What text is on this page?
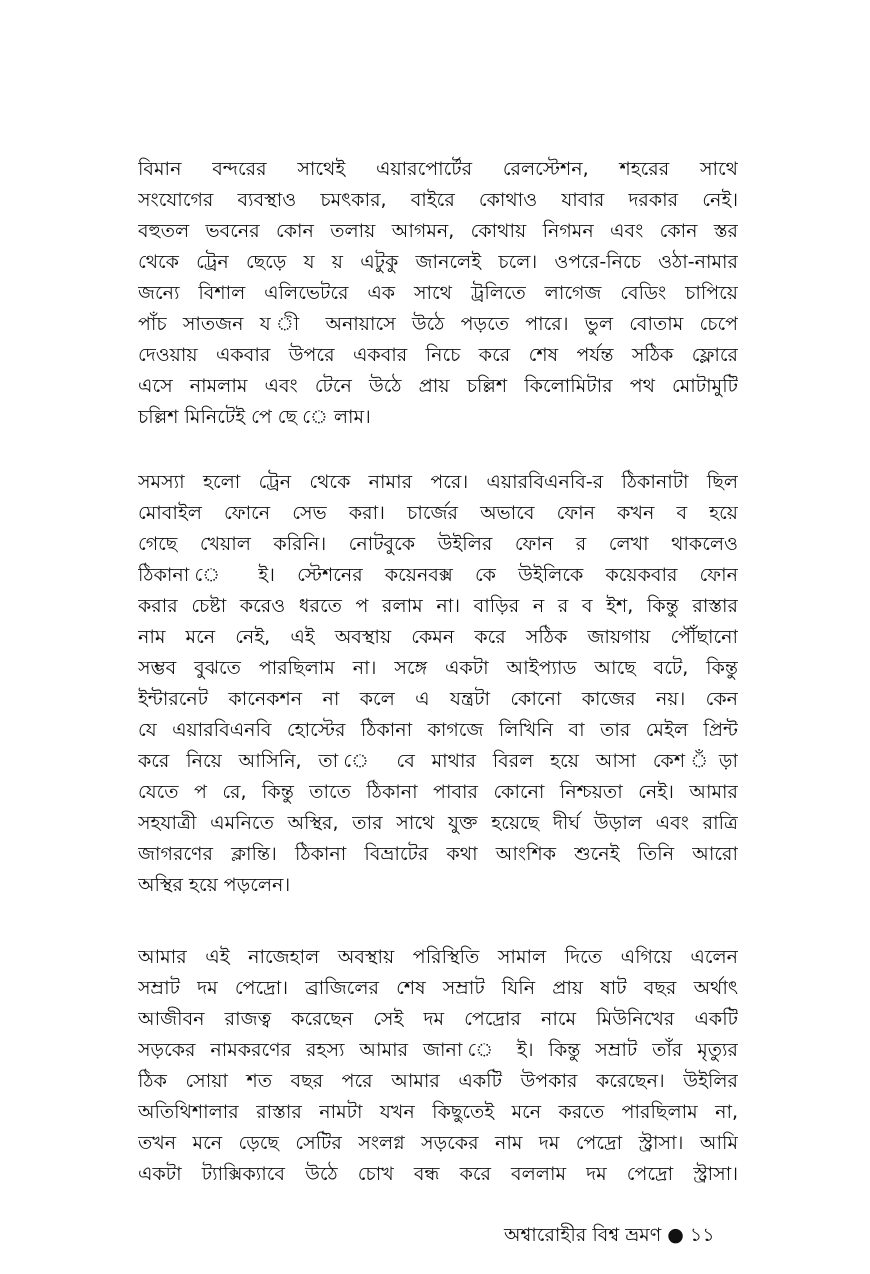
বিমান বন্দরের সাথেই এয়ারপোর্টের রেলস্টেশন, শহরের সাথে
সংযোগের ব্যবস্থাও চমৎকার, বাইরে কোথাও যাবার দরকার নেই।
বহুতল ভবনের কোন তলায় আগমন, কোথায় নিগমন এবং কোন স্তর
থেকে ট্রেন ছেড়ে য য় এটুকু জানলেই চলে। ওপরে-নিচে ওঠা-নামার
জন্যে বিশাল এলিভেটরে এক সাথে ট্রলিতে লাগেজ বেডিং চাপিয়ে
পাঁচ সাতজন য ী অনায়াসে উঠে পড়তে পারে। ভুল বোতাম চেপে
দেওয়ায় একবার উপরে একবার নিচে করে শেষ পর্যন্ত সঠিক ফ্লোরে
এসে নামলাম এবং টেনে উঠে প্রায় চল্লিশ কিলোমিটার পথ মোটামুটি
চল্লিশ মিনিটেই পে ছে ে লাম।
সমস্যা হলো ট্রেন থেকে নামার পরে। এয়ারবিএনবি-র ঠিকানাটা ছিল
মোবাইল ফোনে সেভ করা। চার্জের অভাবে ফোন কখন ব হয়ে
গেছে খেয়াল করিনি। নোটবুকে উইলির ফোন র লেখা থাকলেও
ঠিকানা ে ই। স্টেশনের কয়েনবক্স কে উইলিকে কয়েকবার ফোন
করার চেষ্টা করেও ধরতে প রলাম না। বাড়ির ন র ব ইশ, কিন্তু রাস্তার
নাম মনে নেই, এই অবস্থায় কেমন করে সঠিক জায়গায় পৌঁছানো
সম্ভব বুঝতে পারছিলাম না। সঙ্গে একটা আইপ্যাড আছে বটে, কিন্তু
ইন্টারনেট কানেকশন না কলে এ যন্ত্রটা কোনো কাজের নয়। কেন
যে এয়ারবিএনবি হোস্টের ঠিকানা কাগজে লিখিনি বা তার মেইল প্রিন্ট
করে নিয়ে আসিনি, তা ে বে মাথার বিরল হয়ে আসা কেশ ঁড়া
যেতে প রে, কিন্তু তাতে ঠিকানা পাবার কোনো নিশ্চয়তা নেই। আমার
সহযাত্রী এমনিতে অস্থির, তার সাথে যুক্ত হয়েছে দীর্ঘ উড়াল এবং রাত্রি
জাগরণের ক্লান্তি। ঠিকানা বিভ্রাটের কথা আংশিক শুনেই তিনি আরো
অস্থির হয়ে পড়লেন।
আমার এই নাজেহাল অবস্থায় পরিস্থিতি সামাল দিতে এগিয়ে এলেন
সম্রাট দম পেদ্রো। ব্রাজিলের শেষ সম্রাট যিনি প্রায় ষাট বছর অর্থাৎ
আজীবন রাজত্ব করেছেন সেই দম পেদ্রোর নামে মিউনিখের একটি
সড়কের নামকরণের রহস্য আমার জানা ে ই। কিন্তু সম্রাট তাঁর মৃত্যুর
ঠিক সোয়া শত বছর পরে আমার একটি উপকার করেছেন। উইলির
অতিথিশালার রাস্তার নামটা যখন কিছুতেই মনে করতে পারছিলাম না,
তখন মনে ড়েছে সেটির সংলগ্ন সড়কের নাম দম পেদ্রো স্ট্রাসা। আমি
একটা ট্যাক্সিক্যাবে উঠে চোখ বন্ধ করে বললাম দম পেদ্রো স্ট্রাসা।
অশ্বারোহীর বিশ্ব ভ্রমণ ● ১১
